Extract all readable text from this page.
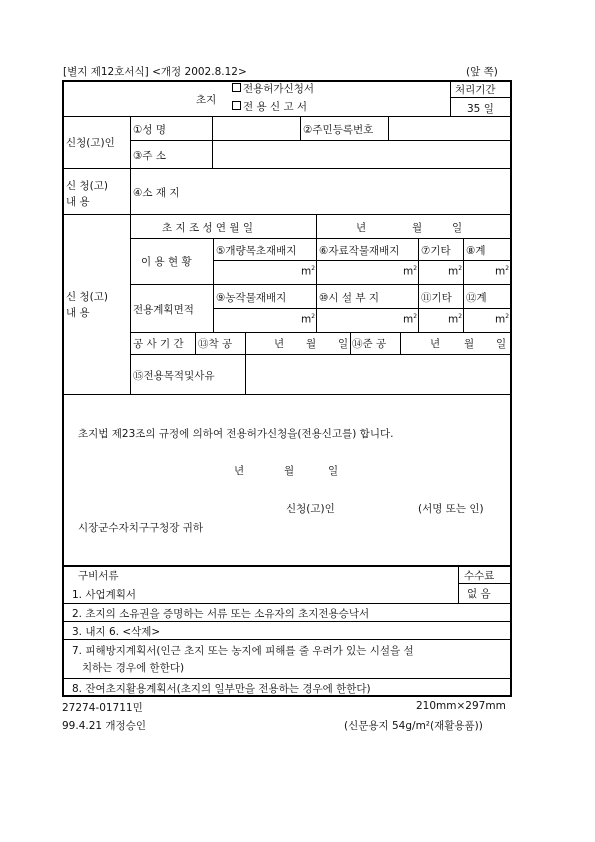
[별지 제12호서식] <개정 2002.8.12>	(앞 쪽)
초지
전용허가신청서
전 용 신 고 서
처리기간
35 일
신청(고)인
①성 명	②주민등록번호
③주 소
신 청(고)
내 용
④소 재 지
신 청(고)
내 용
초 지 조 성 연 월 일	년	월	일
이 용 현 황
⑤개량목초재배지 ⑥자료작물재배지 ⑦기타 ⑧계
$m^2$	$m^2$	$m^2$	$m^2$
전용계획면적
⑨농작물재배지	⑩시 설 부 지	⑪기타 ⑫계
$m^2$	$m^2$	$m^2$	$m^2$
공 사 기 간 ⑬착 공	년 월 일 ⑭준 공	년 월 일
⑮전용목적및사유
초지법 제23조의 규정에 의하여 전용허가신청을(전용신고를) 합니다.
년	월	일
신청(고)인	(서명 또는 인)
시장군수자치구구청장 귀하
구비서류	수수료
없 음
1. 사업계획서
2. 초지의 소유권을 증명하는 서류 또는 소유자의 초지전용승낙서
3. 내지 6. <삭제>
7. 피해방지계획서(인근 초지 또는 농지에 피해를 줄 우려가 있는 시설을 설
치하는 경우에 한한다)
8. 잔여초지활용계획서(초지의 일부만을 전용하는 경우에 한한다)
27274-01711민	210mm×297mm
99.4.21 개정승인	(신문용지 54g/m²(재활용품))
